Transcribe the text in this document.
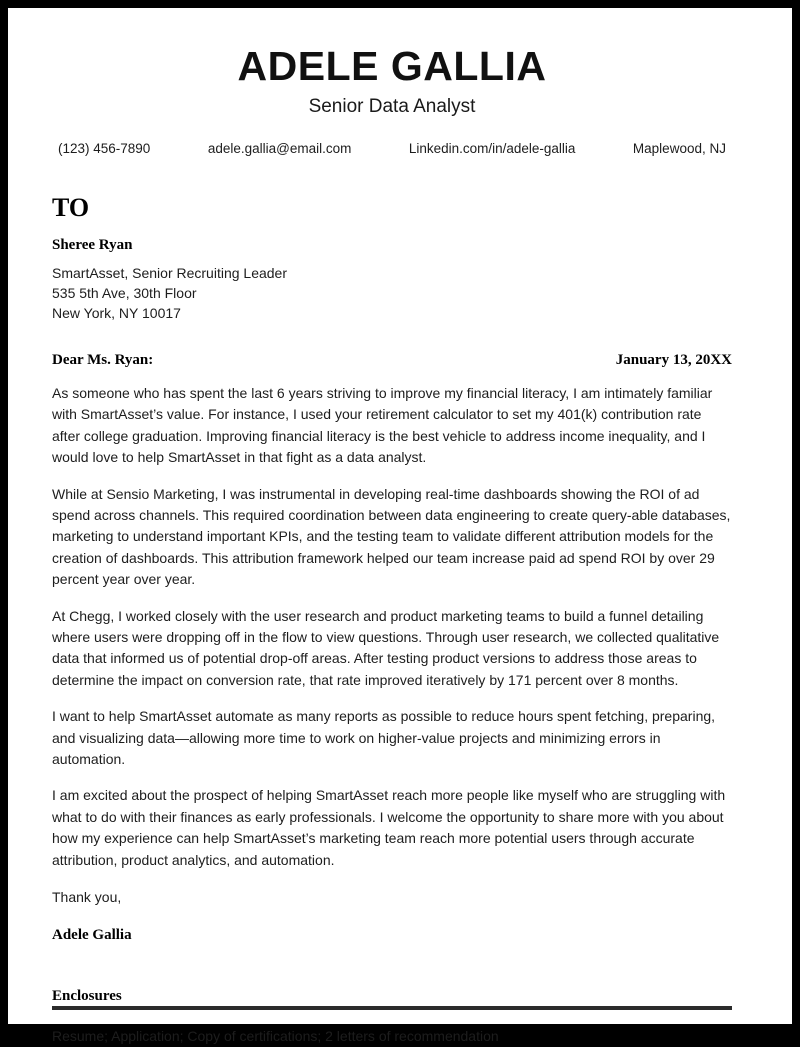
ADELE GALLIA
Senior Data Analyst
(123) 456-7890	adele.gallia@email.com	Linkedin.com/in/adele-gallia	Maplewood, NJ
TO
Sheree Ryan
SmartAsset, Senior Recruiting Leader
535 5th Ave, 30th Floor
New York, NY 10017
Dear Ms. Ryan:	January 13, 20XX

As someone who has spent the last 6 years striving to improve my financial literacy, I am intimately familiar with SmartAsset’s value. For instance, I used your retirement calculator to set my 401(k) contribution rate after college graduation. Improving financial literacy is the best vehicle to address income inequality, and I would love to help SmartAsset in that fight as a data analyst.

While at Sensio Marketing, I was instrumental in developing real-time dashboards showing the ROI of ad spend across channels. This required coordination between data engineering to create query-able databases, marketing to understand important KPIs, and the testing team to validate different attribution models for the creation of dashboards. This attribution framework helped our team increase paid ad spend ROI by over 29 percent year over year.

At Chegg, I worked closely with the user research and product marketing teams to build a funnel detailing where users were dropping off in the flow to view questions. Through user research, we collected qualitative data that informed us of potential drop-off areas. After testing product versions to address those areas to determine the impact on conversion rate, that rate improved iteratively by 171 percent over 8 months.

I want to help SmartAsset automate as many reports as possible to reduce hours spent fetching, preparing, and visualizing data—allowing more time to work on higher-value projects and minimizing errors in automation.

I am excited about the prospect of helping SmartAsset reach more people like myself who are struggling with what to do with their finances as early professionals. I welcome the opportunity to share more with you about how my experience can help SmartAsset’s marketing team reach more potential users through accurate attribution, product analytics, and automation.

Thank you,
Adele Gallia
Enclosures
Resume; Application; Copy of certifications; 2 letters of recommendation
